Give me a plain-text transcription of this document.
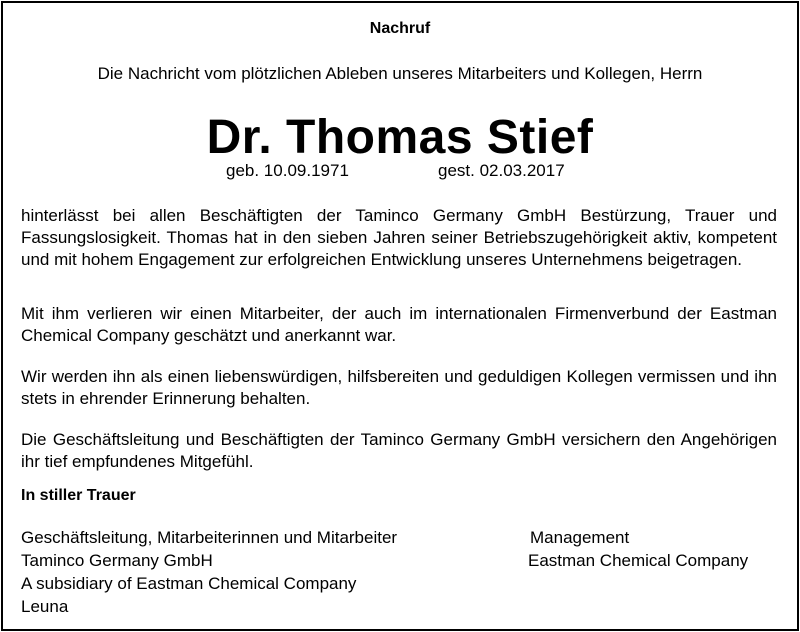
Nachruf
Die Nachricht vom plötzlichen Ableben unseres Mitarbeiters und Kollegen, Herrn
Dr. Thomas Stief
geb. 10.09.1971	gest. 02.03.2017

hinterlässt bei allen Beschäftigten der Taminco Germany GmbH Bestürzung, Trauer und Fassungslosigkeit. Thomas hat in den sieben Jahren seiner Betriebszugehörigkeit aktiv, kompetent und mit hohem Engagement zur erfolgreichen Entwicklung unseres Unternehmens beigetragen.

Mit ihm verlieren wir einen Mitarbeiter, der auch im internationalen Firmenverbund der Eastman Chemical Company geschätzt und anerkannt war.

Wir werden ihn als einen liebenswürdigen, hilfsbereiten und geduldigen Kollegen vermissen und ihn stets in ehrender Erinnerung behalten.

Die Geschäftsleitung und Beschäftigten der Taminco Germany GmbH versichern den Angehörigen ihr tief empfundenes Mitgefühl.

In stiller Trauer
Geschäftsleitung, Mitarbeiterinnen und Mitarbeiter
Taminco Germany GmbH
A subsidiary of Eastman Chemical Company
Leuna
Management
Eastman Chemical Company
